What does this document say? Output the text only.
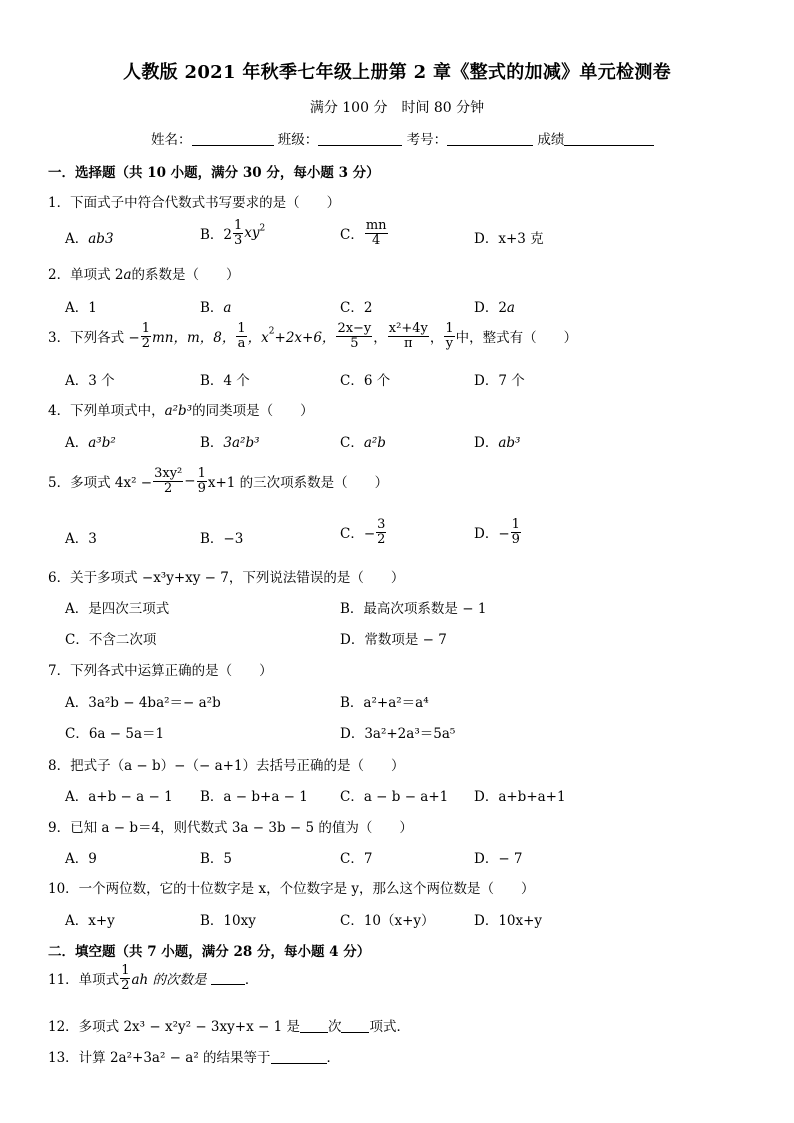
人教版 2021 年秋季七年级上册第 2 章《整式的加减》单元检测卷
满分 100 分　时间 80 分钟
姓名：	班级：	考号：	成绩
一．选择题（共 10 小题，满分 30 分，每小题 3 分）
1．下面式子中符合代数式书写要求的是（　　）
A．ab3	B．$2 \frac{1}{3} xy^2$	C． $\frac{mn}{4}$	D．x+3 克
2．单项式 2a的系数是（　　）
A．1	B．a	C．2	D．2a
3．下列各式 − $\frac{1}{2}$ mn，m，8， $\frac{1}{a}$ ，$x^2+2x+6$， $\frac{2x-y}{5}$ ， $\frac{\text{x²+4y}}{\pi}$ ， $\frac{1}{y}$ 中，整式有（　　）
A．3 个	B．4 个	C．6 个	D．7 个
4．下列单项式中，a²b³的同类项是（　　）
A．a³b²	B．3a²b³	C．a²b	D．ab³
5．多项式 $4x^2 - \frac{\text{3xy²}}{2} - \frac{1}{9} x+1$ 的三次项系数是（　　）
A．3	B．−3	C．− $\frac{3}{2}$	D．− $\frac{1}{9}$
6．关于多项式 −x³y+xy − 7，下列说法错误的是（　　）
A．是四次三项式	B．最高次项系数是 − 1
C．不含二次项	D．常数项是 − 7
7．下列各式中运算正确的是（　　）
A．3a²b − 4ba²＝− a²b	B．a²+a²＝a⁴
C．6a − 5a＝1	D．3a²+2a³＝5a⁵
8．把式子（a − b）−（− a+1）去括号正确的是（　　）
A．a+b − a − 1 B．a − b+a − 1 C．a − b − a+1 D．a+b+a+1
9．已知 a − b＝4，则代数式 3a − 3b − 5 的值为（　　）
A．9	B．5	C．7	D．− 7
10．一个两位数，它的十位数字是 x，个位数字是 y，那么这个两位数是（　　）
A．x+y	B．10xy	C．10（x+y）	D．10x+y
二．填空题（共 7 小题，满分 28 分，每小题 4 分）
11．单项式 $\frac{1}{2}$ ah 的次数是	．
12．多项式 2x³ − x²y² − 3xy+x − 1 是 次 项式．
13．计算 2a²+3a² − a² 的结果等于	．
